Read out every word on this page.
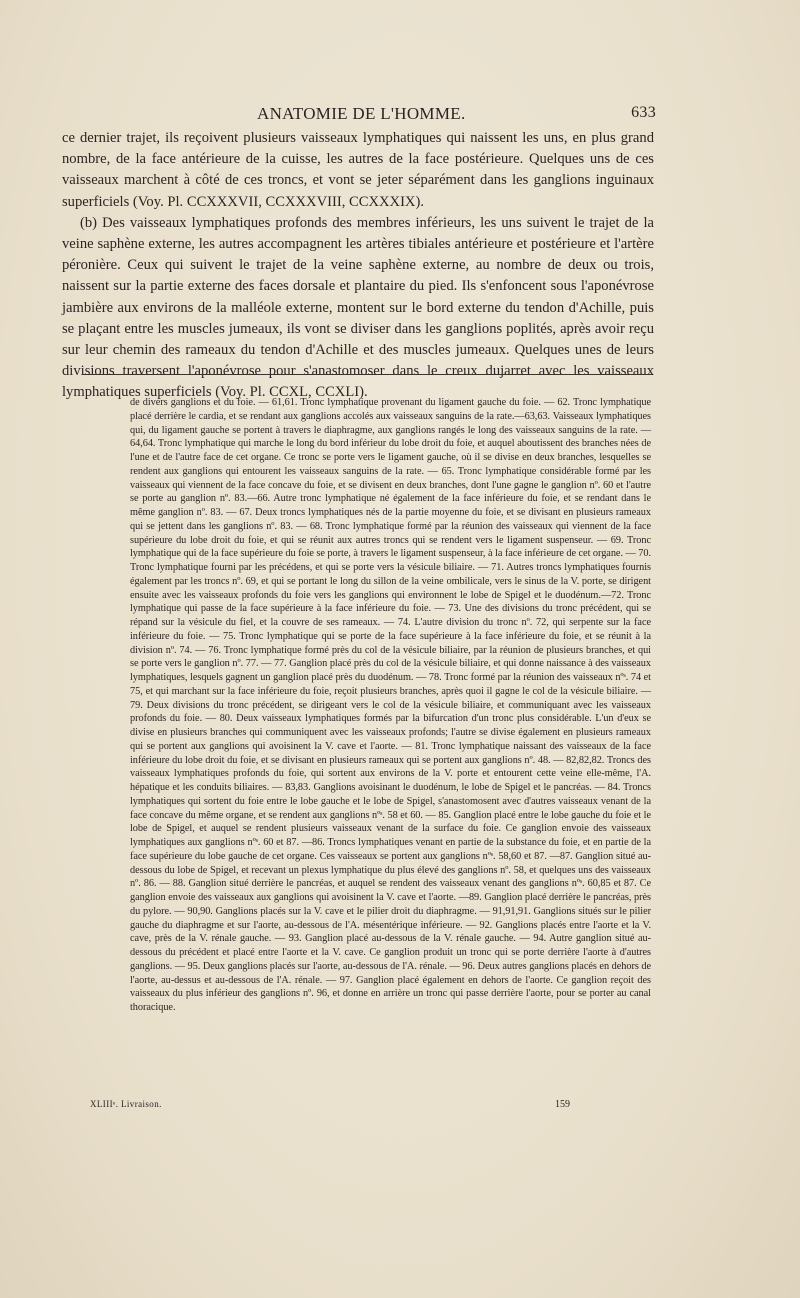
ANATOMIE DE L'HOMME.	633

ce dernier trajet, ils reçoivent plusieurs vaisseaux lymphatiques qui naissent les uns, en plus grand nombre, de la face antérieure de la cuisse, les autres de la face postérieure. Quelques uns de ces vaisseaux marchent à côté de ces troncs, et vont se jeter séparément dans les ganglions inguinaux superficiels (Voy. Pl. CCXXXVII, CCXXXVIII, CCXXXIX).

(b) Des vaisseaux lymphatiques profonds des membres inférieurs, les uns suivent le trajet de la veine saphène externe, les autres accompagnent les artères tibiales antérieure et postérieure et l'artère péronière. Ceux qui suivent le trajet de la veine saphène externe, au nombre de deux ou trois, naissent sur la partie externe des faces dorsale et plantaire du pied. Ils s'enfoncent sous l'aponévrose jambière aux environs de la malléole externe, montent sur le bord externe du tendon d'Achille, puis se plaçant entre les muscles jumeaux, ils vont se diviser dans les ganglions poplités, après avoir reçu sur leur chemin des rameaux du tendon d'Achille et des muscles jumeaux. Quelques unes de leurs divisions traversent l'aponévrose pour s'anastomoser dans le creux dujarret avec les vaisseaux lymphatiques superficiels (Voy. Pl. CCXL, CCXLI).

de divers ganglions et du foie. — 61,61. Tronc lymphatique provenant du ligament gauche du foie. — 62. Tronc lymphatique placé derrière le cardia, et se rendant aux ganglions accolés aux vaisseaux sanguins de la rate.—63,63. Vaisseaux lymphatiques qui, du ligament gauche se portent à travers le diaphragme, aux ganglions rangés le long des vaisseaux sanguins de la rate. — 64,64. Tronc lymphatique qui marche le long du bord inférieur du lobe droit du foie, et auquel aboutissent des branches nées de l'une et de l'autre face de cet organe. Ce tronc se porte vers le ligament gauche, où il se divise en deux branches, lesquelles se rendent aux ganglions qui entourent les vaisseaux sanguins de la rate. — 65. Tronc lymphatique considérable formé par les vaisseaux qui viennent de la face concave du foie, et se divisent en deux branches, dont l'une gagne le ganglion nº. 60 et l'autre se porte au ganglion nº. 83.—66. Autre tronc lymphatique né également de la face inférieure du foie, et se rendant dans le même ganglion nº. 83. — 67. Deux troncs lymphatiques nés de la partie moyenne du foie, et se divisant en plusieurs rameaux qui se jettent dans les ganglions nº. 83. — 68. Tronc lymphatique formé par la réunion des vaisseaux qui viennent de la face supérieure du lobe droit du foie, et qui se réunit aux autres troncs qui se rendent vers le ligament suspenseur. — 69. Tronc lymphatique qui de la face supérieure du foie se porte, à travers le ligament suspenseur, à la face inférieure de cet organe. — 70. Tronc lymphatique fourni par les précédens, et qui se porte vers la vésicule biliaire. — 71. Autres troncs lymphatiques fournis également par les troncs nº. 69, et qui se portant le long du sillon de la veine ombilicale, vers le sinus de la V. porte, se dirigent ensuite avec les vaisseaux profonds du foie vers les ganglions qui environnent le lobe de Spigel et le duodénum.—72. Tronc lymphatique qui passe de la face supérieure à la face inférieure du foie. — 73. Une des divisions du tronc précédent, qui se répand sur la vésicule du fiel, et la couvre de ses rameaux. — 74. L'autre division du tronc nº. 72, qui serpente sur la face inférieure du foie. — 75. Tronc lymphatique qui se porte de la face supérieure à la face inférieure du foie, et se réunit à la division nº. 74. — 76. Tronc lymphatique formé près du col de la vésicule biliaire, par la réunion de plusieurs branches, et qui se porte vers le ganglion nº. 77. — 77. Ganglion placé près du col de la vésicule biliaire, et qui donne naissance à des vaisseaux lymphatiques, lesquels gagnent un ganglion placé près du duodénum. — 78. Tronc formé par la réunion des vaisseaux nºˢ. 74 et 75, et qui marchant sur la face inférieure du foie, reçoit plusieurs branches, après quoi il gagne le col de la vésicule biliaire. — 79. Deux divisions du tronc précédent, se dirigeant vers le col de la vésicule biliaire, et communiquant avec les vaisseaux profonds du foie. — 80. Deux vaisseaux lymphatiques formés par la bifurcation d'un tronc plus considérable. L'un d'eux se divise en plusieurs branches qui communiquent avec les vaisseaux profonds; l'autre se divise également en plusieurs rameaux qui se portent aux ganglions qui avoisinent la V. cave et l'aorte. — 81. Tronc lymphatique naissant des vaisseaux de la face inférieure du lobe droit du foie, et se divisant en plusieurs rameaux qui se portent aux ganglions nº. 48. — 82,82,82. Troncs des vaisseaux lymphatiques profonds du foie, qui sortent aux environs de la V. porte et entourent cette veine elle-même, l'A. hépatique et les conduits biliaires. — 83,83. Ganglions avoisinant le duodénum, le lobe de Spigel et le pancréas. — 84. Troncs lymphatiques qui sortent du foie entre le lobe gauche et le lobe de Spigel, s'anastomosent avec d'autres vaisseaux venant de la face concave du même organe, et se rendent aux ganglions nºˢ. 58 et 60. — 85. Ganglion placé entre le lobe gauche du foie et le lobe de Spigel, et auquel se rendent plusieurs vaisseaux venant de la surface du foie. Ce ganglion envoie des vaisseaux lymphatiques aux ganglions nºˢ. 60 et 87. —86. Troncs lymphatiques venant en partie de la substance du foie, et en partie de la face supérieure du lobe gauche de cet organe. Ces vaisseaux se portent aux ganglions nºˢ. 58,60 et 87. —87. Ganglion situé au-dessous du lobe de Spigel, et recevant un plexus lymphatique du plus élevé des ganglions nº. 58, et quelques uns des vaisseaux nº. 86. — 88. Ganglion situé derrière le pancréas, et auquel se rendent des vaisseaux venant des ganglions nºˢ. 60,85 et 87. Ce ganglion envoie des vaisseaux aux ganglions qui avoisinent la V. cave et l'aorte. —89. Ganglion placé derrière le pancréas, près du pylore. — 90,90. Ganglions placés sur la V. cave et le pilier droit du diaphragme. — 91,91,91. Ganglions situés sur le pilier gauche du diaphragme et sur l'aorte, au-dessous de l'A. mésentérique inférieure. — 92. Ganglions placés entre l'aorte et la V. cave, près de la V. rénale gauche. — 93. Ganglion placé au-dessous de la V. rénale gauche. — 94. Autre ganglion situé au-dessous du précédent et placé entre l'aorte et la V. cave. Ce ganglion produit un tronc qui se porte derrière l'aorte à d'autres ganglions. — 95. Deux ganglions placés sur l'aorte, au-dessous de l'A. rénale. — 96. Deux autres ganglions placés en dehors de l'aorte, au-dessus et au-dessous de l'A. rénale. — 97. Ganglion placé également en dehors de l'aorte. Ce ganglion reçoit des vaisseaux du plus inférieur des ganglions nº. 96, et donne en arrière un tronc qui passe derrière l'aorte, pour se porter au canal thoracique.
XLIIIᵉ. Livraison.	159
